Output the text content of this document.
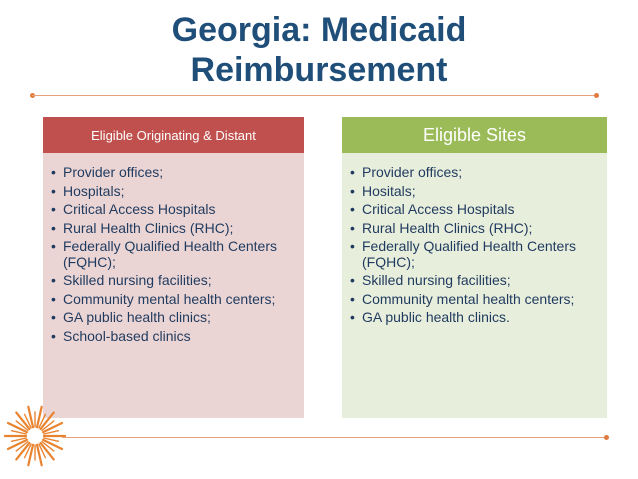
Georgia: Medicaid
Reimbursement
Eligible Originating & Distant
• Provider offices;
• Hospitals;
• Critical Access Hospitals
• Rural Health Clinics (RHC);
• Federally Qualified Health Centers (FQHC);
• Skilled nursing facilities;
• Community mental health centers;
• GA public health clinics;
• School-based clinics
Eligible Sites
• Provider offices;
• Hositals;
• Critical Access Hospitals
• Rural Health Clinics (RHC);
• Federally Qualified Health Centers (FQHC);
• Skilled nursing facilities;
• Community mental health centers;
• GA public health clinics.
